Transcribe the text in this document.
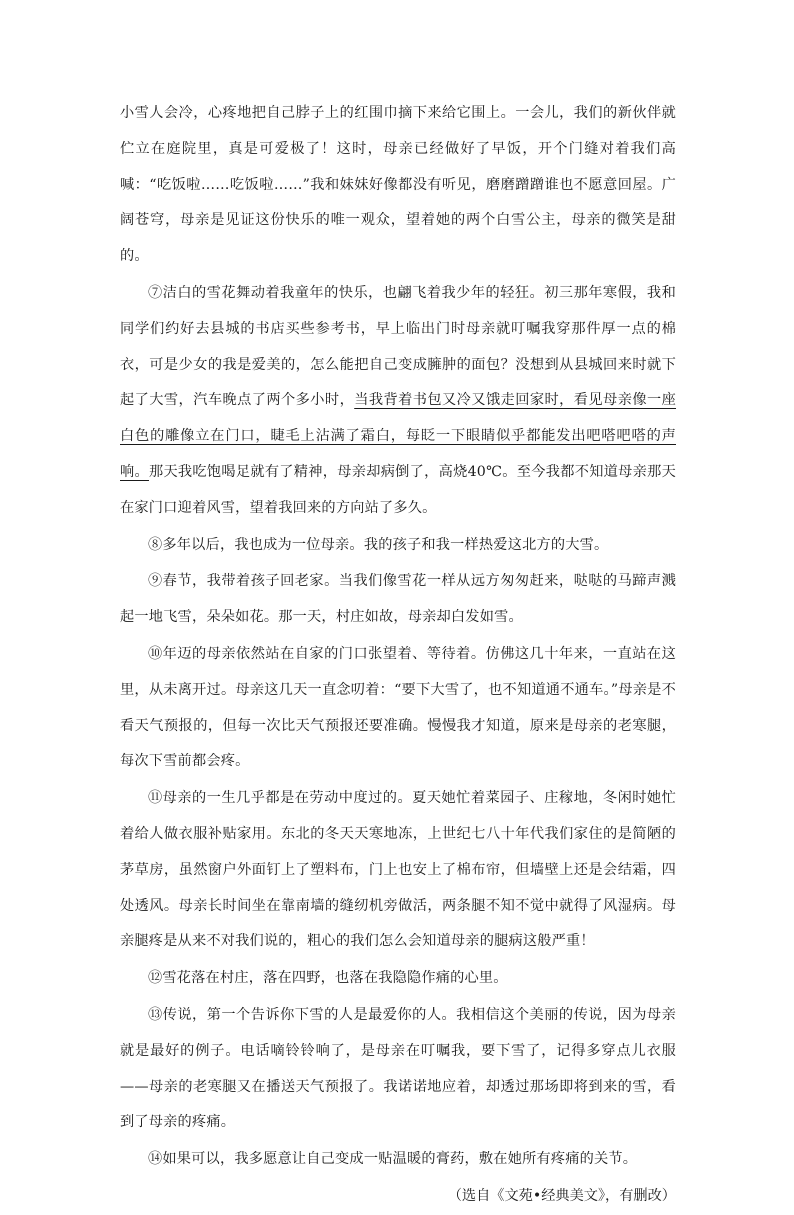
小雪人会冷，心疼地把自己脖子上的红围巾摘下来给它围上。一会儿，我们的新伙伴就伫立在庭院里，真是可爱极了！这时，母亲已经做好了早饭，开个门缝对着我们高喊：“吃饭啦……吃饭啦……”我和妹妹好像都没有听见，磨磨蹭蹭谁也不愿意回屋。广阔苍穹，母亲是见证这份快乐的唯一观众，望着她的两个白雪公主，母亲的微笑是甜的。

⑦洁白的雪花舞动着我童年的快乐，也翩飞着我少年的轻狂。初三那年寒假，我和同学们约好去县城的书店买些参考书，早上临出门时母亲就叮嘱我穿那件厚一点的棉衣，可是少女的我是爱美的，怎么能把自己变成臃肿的面包？没想到从县城回来时就下起了大雪，汽车晚点了两个多小时，当我背着书包又冷又饿走回家时，看见母亲像一座白色的雕像立在门口，睫毛上沾满了霜白，每眨一下眼睛似乎都能发出吧嗒吧嗒的声响。那天我吃饱喝足就有了精神，母亲却病倒了，高烧40℃。至今我都不知道母亲那天在家门口迎着风雪，望着我回来的方向站了多久。

⑧多年以后，我也成为一位母亲。我的孩子和我一样热爱这北方的大雪。

⑨春节，我带着孩子回老家。当我们像雪花一样从远方匆匆赶来，哒哒的马蹄声溅起一地飞雪，朵朵如花。那一天，村庄如故，母亲却白发如雪。

⑩年迈的母亲依然站在自家的门口张望着、等待着。仿佛这几十年来，一直站在这里，从未离开过。母亲这几天一直念叨着：“要下大雪了，也不知道通不通车。”母亲是不看天气预报的，但每一次比天气预报还要准确。慢慢我才知道，原来是母亲的老寒腿，每次下雪前都会疼。

⑪母亲的一生几乎都是在劳动中度过的。夏天她忙着菜园子、庄稼地，冬闲时她忙着给人做衣服补贴家用。东北的冬天天寒地冻，上世纪七八十年代我们家住的是简陋的茅草房，虽然窗户外面钉上了塑料布，门上也安上了棉布帘，但墙壁上还是会结霜，四处透风。母亲长时间坐在靠南墙的缝纫机旁做活，两条腿不知不觉中就得了风湿病。母亲腿疼是从来不对我们说的，粗心的我们怎么会知道母亲的腿病这般严重！

⑫雪花落在村庄，落在四野，也落在我隐隐作痛的心里。

⑬传说，第一个告诉你下雪的人是最爱你的人。我相信这个美丽的传说，因为母亲就是最好的例子。电话嘀铃铃响了，是母亲在叮嘱我，要下雪了，记得多穿点儿衣服——母亲的老寒腿又在播送天气预报了。我诺诺地应着，却透过那场即将到来的雪，看到了母亲的疼痛。

⑭如果可以，我多愿意让自己变成一贴温暖的膏药，敷在她所有疼痛的关节。

（选自《文苑•经典美文》，有删改）
